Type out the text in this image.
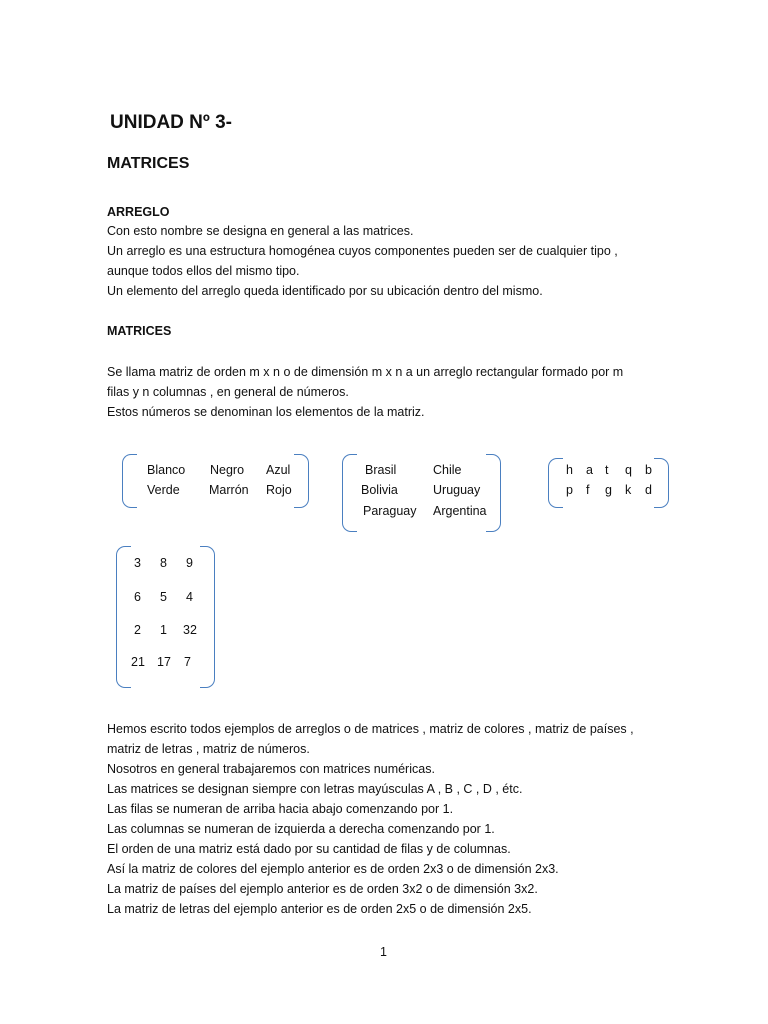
UNIDAD Nº 3-
MATRICES
ARREGLO
Con esto nombre se designa en general a las matrices.
Un arreglo es una estructura homogénea cuyos componentes pueden ser de cualquier tipo ,
aunque todos ellos del mismo tipo.
Un elemento del arreglo queda identificado por su ubicación dentro del mismo.
MATRICES
Se llama matriz de orden m x n o de dimensión m x n a un arreglo rectangular formado por m
filas y n columnas , en general de números.
Estos números se denominan los elementos de la matriz.
Blanco Negro Azul
Verde Marrón Rojo
Brasil	Chile
Bolivia	Uruguay
Paraguay Argentina
h a t q b
p f g k d
3 8 9
6 5 4
2 1 32
21 17 7
Hemos escrito todos ejemplos de arreglos o de matrices , matriz de colores , matriz de países ,
matriz de letras , matriz de números.
Nosotros en general trabajaremos con matrices numéricas.
Las matrices se designan siempre con letras mayúsculas A , B , C , D , étc.
Las filas se numeran de arriba hacia abajo comenzando por 1.
Las columnas se numeran de izquierda a derecha comenzando por 1.
El orden de una matriz está dado por su cantidad de filas y de columnas.
Así la matriz de colores del ejemplo anterior es de orden 2x3 o de dimensión 2x3.
La matriz de países del ejemplo anterior es de orden 3x2 o de dimensión 3x2.
La matriz de letras del ejemplo anterior es de orden 2x5 o de dimensión 2x5.
1
